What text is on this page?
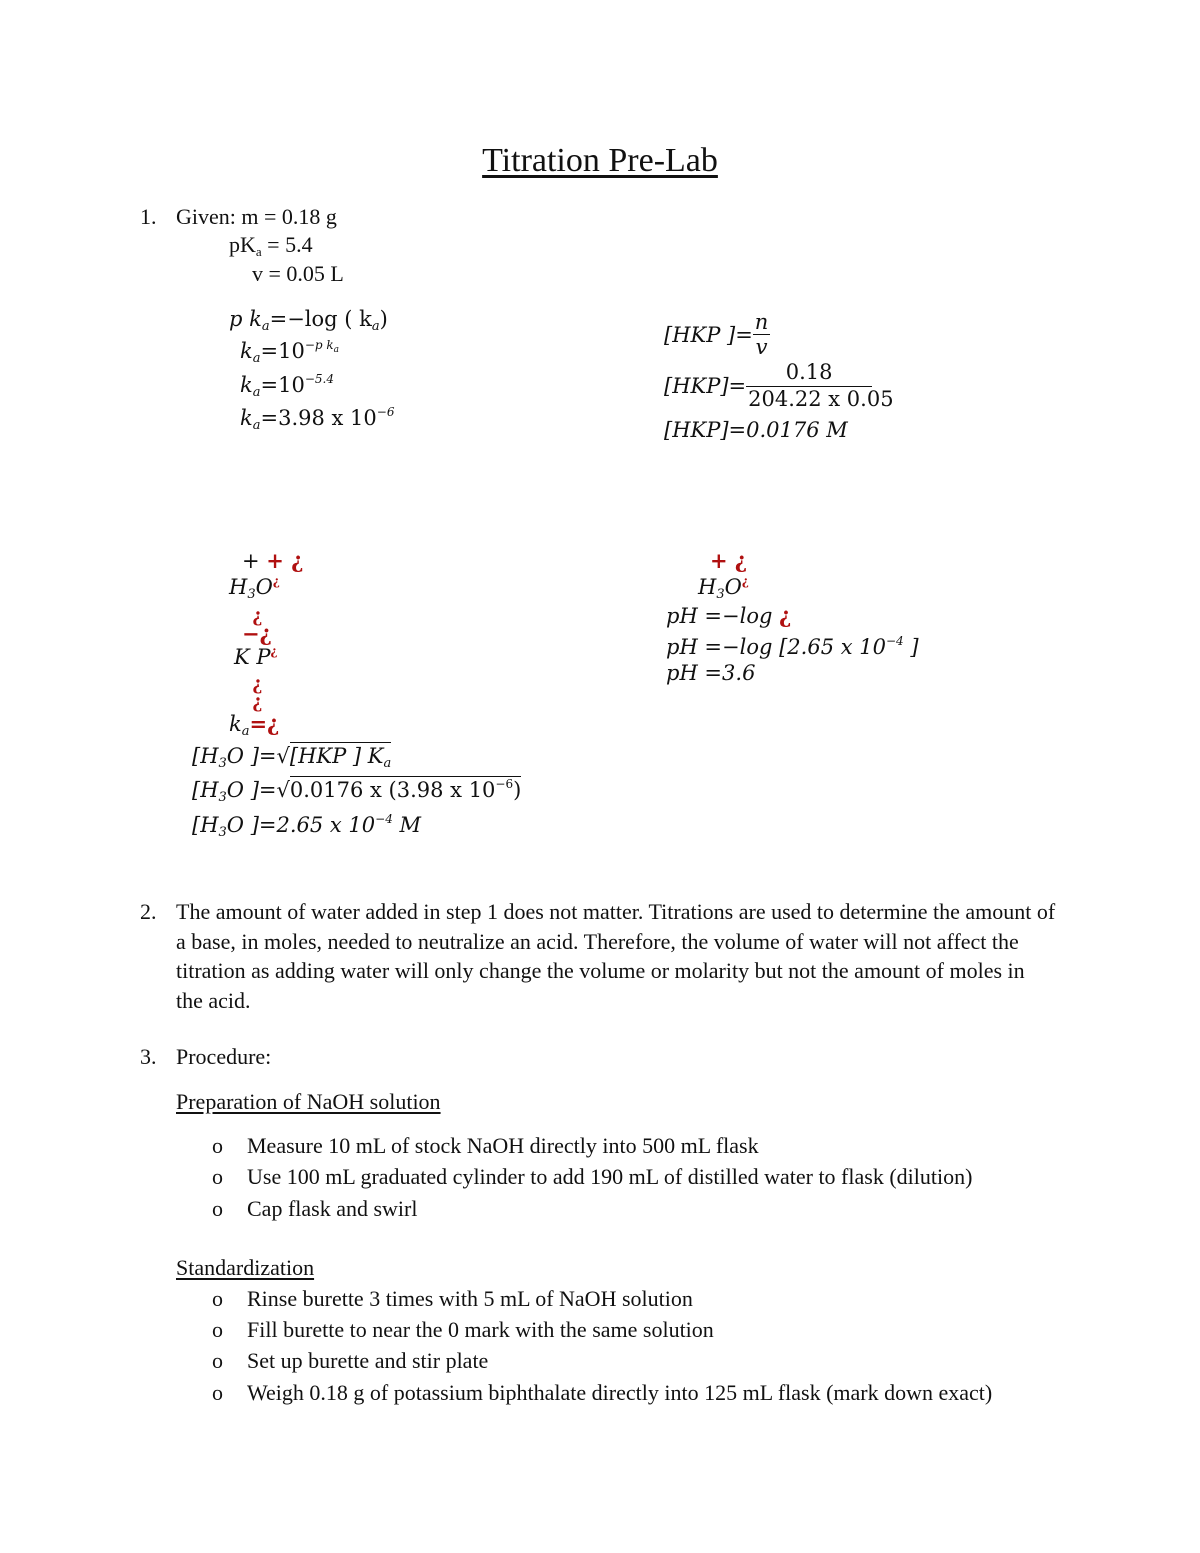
Titration Pre-Lab
1. Given: m = 0.18 g
$pK_a = 5.4$
v = 0.05 L
p $k_a=-\log$ ( $k_a$)
$k_a=10^{-p k}_a$
$k_a=10^{-5.4}$
$k_a=3.98$ x $10^{-6}$
[HKP ]= $\frac{n}{v}$
$[HKP]= \frac{0.18}{204.22 x 0.05}$
[HKP]=0.0176 M
+ + ¿
$H_3O^¿$
¿
−¿
K P¿
¿
¿
$k_a=¿$
[$H_3O$ ]=√[HKP ] $K_a$
[$H_3O$ ]=√0.0176 x (3.98 x $10^{-6}$)
[$H_3O$ ]=2.65 x $10^{-4}$ M
+ ¿
$H_3O^¿$
pH =−log ¿
pH =−log [2.65 x $10^{-4}$ ]
pH =3.6
2. The amount of water added in step 1 does not matter. Titrations are used to determine the amount of a base, in moles, needed to neutralize an acid. Therefore, the volume of water will not affect the titration as adding water will only change the volume or molarity but not the amount of moles in the acid.
3. Procedure:
Preparation of NaOH solution
o Measure 10 mL of stock NaOH directly into 500 mL flask
o Use 100 mL graduated cylinder to add 190 mL of distilled water to flask (dilution)
o Cap flask and swirl
Standardization
o Rinse burette 3 times with 5 mL of NaOH solution
o Fill burette to near the 0 mark with the same solution
o Set up burette and stir plate
o Weigh 0.18 g of potassium biphthalate directly into 125 mL flask (mark down exact)
